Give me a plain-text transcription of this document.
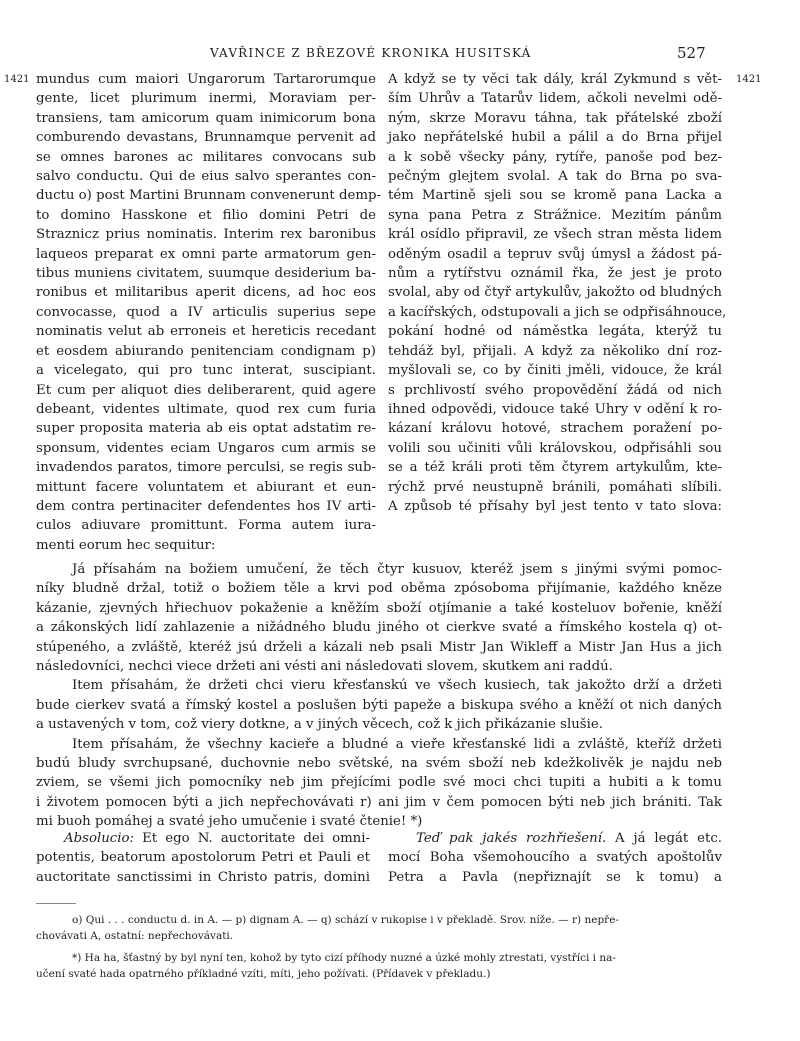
VAVŘINCE Z BŘEZOVÉ KRONIKA HUSITSKÁ	527
1421	1421
mundus cum maiori Ungarorum Tartarorumque
gente, licet plurimum inermi, Moraviam per-
transiens, tam amicorum quam inimicorum bona
comburendo devastans, Brunnamque pervenit ad
se omnes barones ac militares convocans sub
salvo conductu. Qui de eius salvo sperantes con-
ductu o) post Martini Brunnam convenerunt demp-
to domino Hasskone et filio domini Petri de
Straznicz prius nominatis. Interim rex baronibus
laqueos preparat ex omni parte armatorum gen-
tibus muniens civitatem, suumque desiderium ba-
ronibus et militaribus aperit dicens, ad hoc eos
convocasse, quod a IV articulis superius sepe
nominatis velut ab erroneis et hereticis recedant
et eosdem abiurando penitenciam condignam p)
a vicelegato, qui pro tunc interat, suscipiant.
Et cum per aliquot dies deliberarent, quid agere
debeant, videntes ultimate, quod rex cum furia
super proposita materia ab eis optat adstatim re-
sponsum, videntes eciam Ungaros cum armis se
invadendos paratos, timore perculsi, se regis sub-
mittunt facere voluntatem et abiurant et eun-
dem contra pertinaciter defendentes hos IV arti-
culos adiuvare promittunt. Forma autem iura-
menti eorum hec sequitur:
A když se ty věci tak dály, král Zykmund s vět-
ším Uhrův a Tatarův lidem, ačkoli nevelmi odě-
ným, skrze Moravu táhna, tak přátelské zboží
jako nepřátelské hubil a pálil a do Brna přijel
a k sobě všecky pány, rytíře, panoše pod bez-
pečným glejtem svolal. A tak do Brna po sva-
tém Martině sjeli sou se kromě pana Lacka a
syna pana Petra z Strážnice. Mezitím pánům
král osídlo připravil, ze všech stran města lidem
oděným osadil a tepruv svůj úmysl a žádost pá-
nům a rytířstvu oznámil řka, že jest je proto
svolal, aby od čtyř artykulův, jakožto od bludných
a kacířských, odstupovali a jich se odpřisáhnouce,
pokání hodné od náměstka legáta, kterýž tu
tehdáž byl, přijali. A když za několiko dní roz-
myšlovali se, co by činiti jměli, vidouce, že král
s prchlivostí svého propovědění žádá od nich
ihned odpovědi, vidouce také Uhry v odění k ro-
kázaní královu hotové, strachem poražení po-
volili sou učiniti vůli královskou, odpřisáhli sou
se a též králi proti těm čtyrem artykulům, kte-
rýchž prvé neustupně bránili, pomáhati slíbili.
A způsob té přísahy byl jest tento v tato slova:
Já přísahám na božiem umučení, že těch čtyr kusuov, kteréž jsem s jinými svými pomoc-
níky bludně držal, totiž o božiem těle a krvi pod oběma zpósoboma přijímanie, každého kněze
kázanie, zjevných hřiechuov pokaženie a kněžím sboží otjímanie a také kosteluov bořenie, kněží
a zákonských lidí zahlazenie a nižádného bludu jiného ot cierkve svaté a římského kostela q) ot-
stúpeného, a zvláště, kteréž jsú drželi a kázali neb psali Mistr Jan Wikleff a Mistr Jan Hus a jich
následovníci, nechci viece držeti ani vésti ani následovati slovem, skutkem ani raddú.
Item přísahám, že držeti chci vieru křesťanskú ve všech kusiech, tak jakožto drží a držeti
bude cierkev svatá a římský kostel a poslušen býti papeže a biskupa svého a kněží ot nich daných
a ustavených v tom, což viery dotkne, a v jiných věcech, což k jich přikázanie slušie.
Item přísahám, že všechny kacieře a bludné a vieře křesťanské lidi a zvláště, kteříž držeti
budú bludy svrchupsané, duchovnie nebo světské, na svém sboží neb kdežkolivěk je najdu neb
zviem, se všemi jich pomocníky neb jim přejícími podle své moci chci tupiti a hubiti a k tomu
i životem pomocen býti a jich nepřechovávati r) ani jim v čem pomocen býti neb jich brániti. Tak
mi buoh pomáhej a svaté jeho umučenie i svaté čtenie! *)
Absolucio: Et ego N. auctoritate dei omni-
potentis, beatorum apostolorum Petri et Pauli et
auctoritate sanctissimi in Christo patris, domini
Teď pak jakés rozhřiešení. A já legát etc.
mocí Boha všemohoucího a svatých apoštolův
Petra a Pavla (nepřiznajít se k tomu) a
o) Qui . . . conductu d. in A. — p) dignam A. — q) schází v rukopise i v překladě. Srov. níže. — r) nepře-
chovávati A, ostatní: nepřechovávati.
*) Ha ha, šťastný by byl nyní ten, kohož by tyto cizí příhody nuzné a úzké mohly ztrestati, vystříci i na-
učení svaté hada opatrného příkladné vzíti, míti, jeho požívati. (Přídavek v překladu.)
